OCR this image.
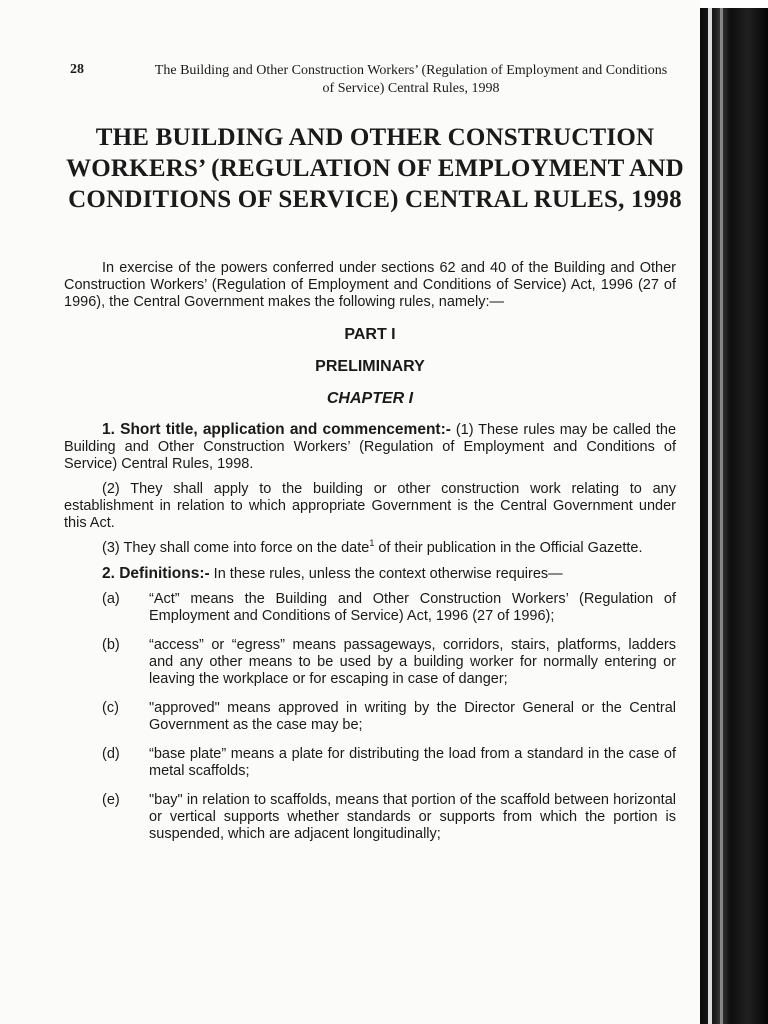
28	The Building and Other Construction Workers’ (Regulation of Employment and Conditions of Service) Central Rules, 1998
THE BUILDING AND OTHER CONSTRUCTION WORKERS’ (REGULATION OF EMPLOYMENT AND CONDITIONS OF SERVICE) CENTRAL RULES, 1998

In exercise of the powers conferred under sections 62 and 40 of the Building and Other Construction Workers’ (Regulation of Employment and Conditions of Service) Act, 1996 (27 of 1996), the Central Government makes the following rules, namely:—

PART I
PRELIMINARY
CHAPTER I

1. Short title, application and commencement:- (1) These rules may be called the Building and Other Construction Workers’ (Regulation of Employment and Conditions of Service) Central Rules, 1998.

(2) They shall apply to the building or other construction work relating to any establishment in relation to which appropriate Government is the Central Government under this Act.

(3) They shall come into force on the date$^1$ of their publication in the Official Gazette.

2. Definitions:- In these rules, unless the context otherwise requires—

(a)	“Act” means the Building and Other Construction Workers’ (Regulation of Employment and Conditions of Service) Act, 1996 (27 of 1996);
(b)	“access” or “egress” means passageways, corridors, stairs, platforms, ladders and any other means to be used by a building worker for normally entering or leaving the workplace or for escaping in case of danger;
(c)	"approved" means approved in writing by the Director General or the Central Government as the case may be;
(d)	“base plate” means a plate for distributing the load from a standard in the case of metal scaffolds;
(e)	"bay" in relation to scaffolds, means that portion of the scaffold between horizontal or vertical supports whether standards or supports from which the portion is suspended, which are adjacent longitudinally;
